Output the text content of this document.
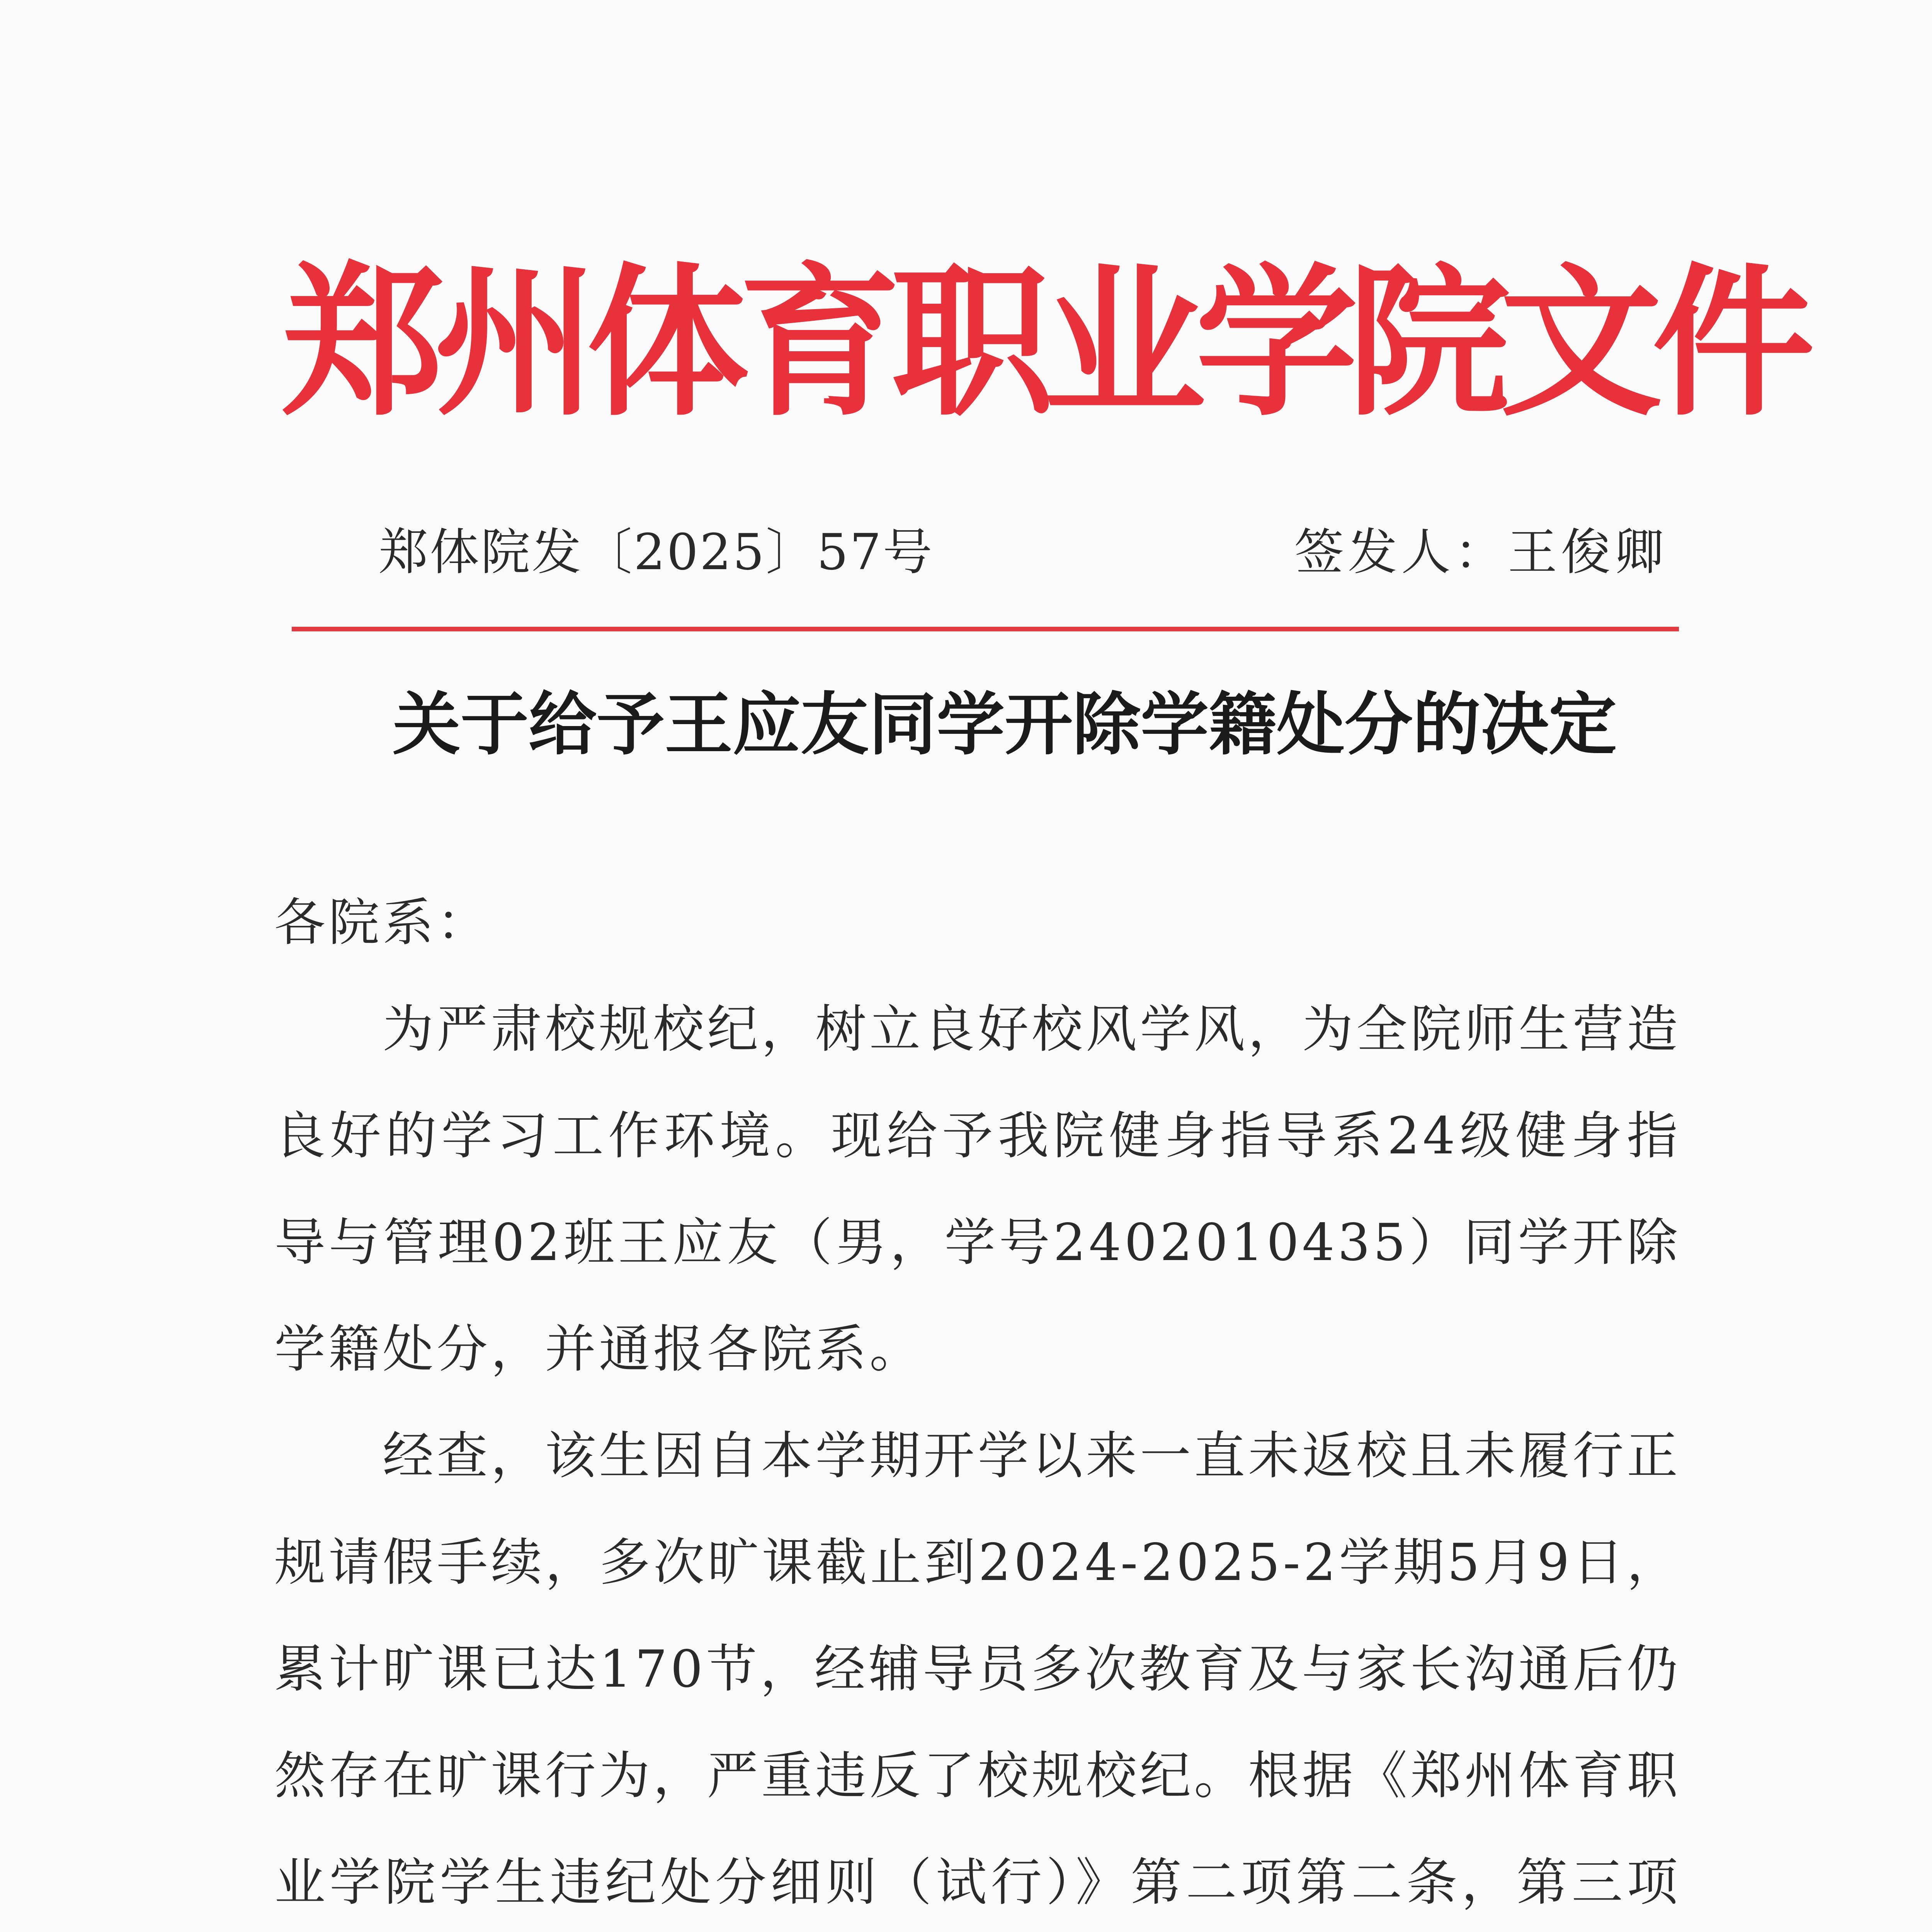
郑州体育职业学院文件
郑体院发〔2025〕57号	签发人：王俊卿
关于给予王应友同学开除学籍处分的决定

各院系：

为严肃校规校纪，树立良好校风学风，为全院师生营造良好的学习工作环境。现给予我院健身指导系24级健身指导与管理02班王应友（男，学号2402010435）同学开除学籍处分，并通报各院系。

经查，该生因自本学期开学以来一直未返校且未履行正规请假手续，多次旷课截止到2024-2025-2学期5月9日，累计旷课已达170节，经辅导员多次教育及与家长沟通后仍然存在旷课行为，严重违反了校规校纪。根据《郑州体育职业学院学生违纪处分细则（试行）》第二项第二条，第三项
